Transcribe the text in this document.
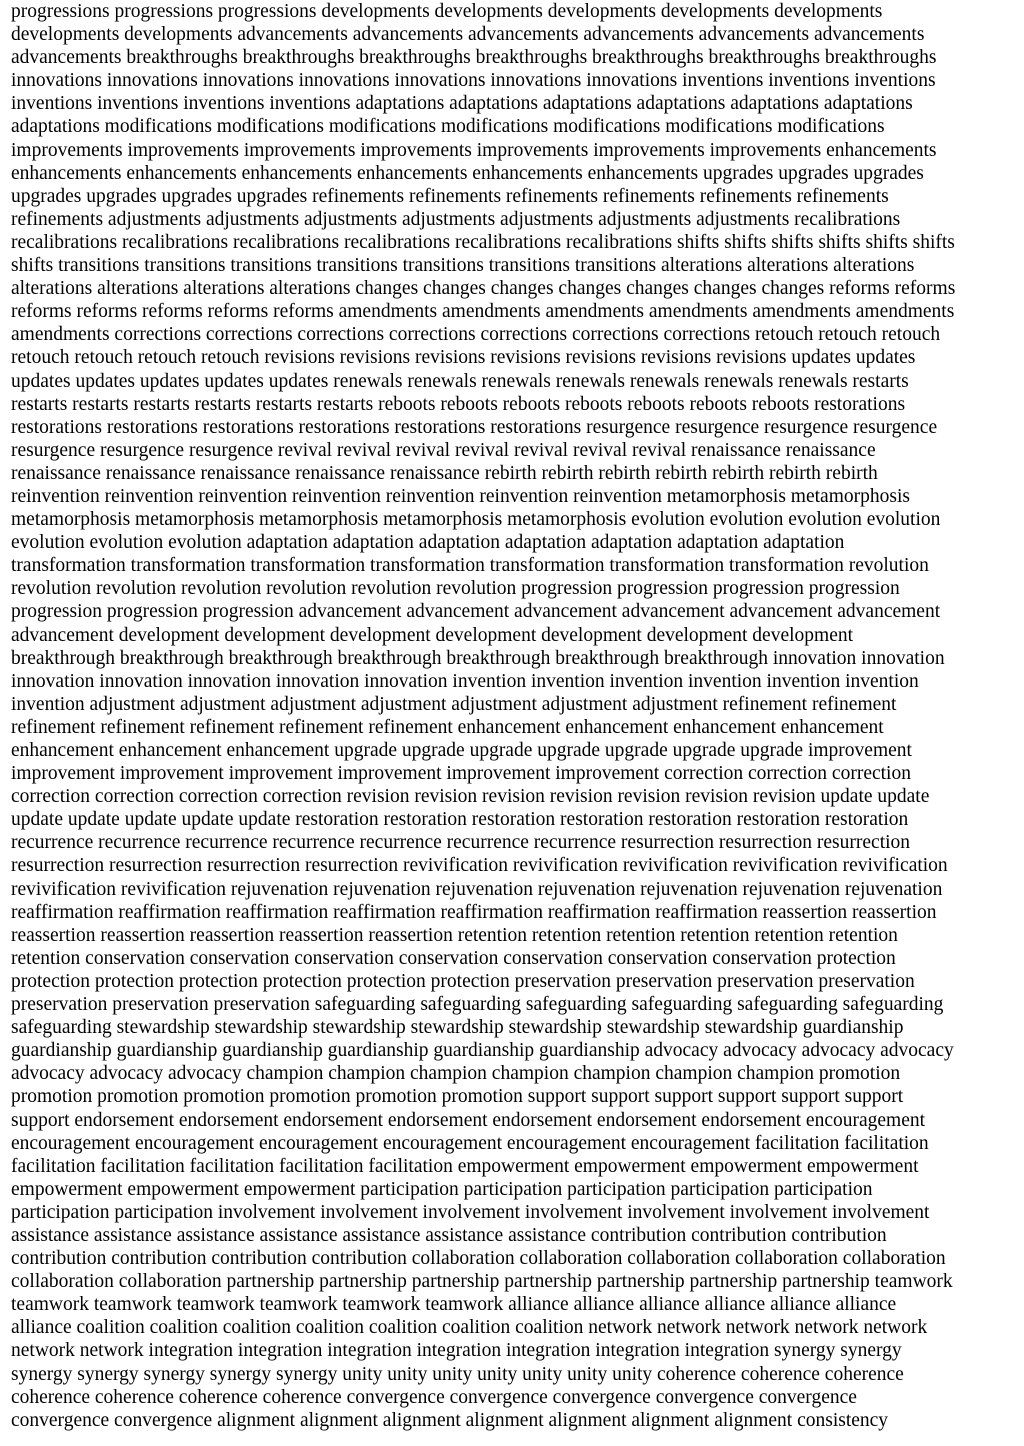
progressions progressions progressions developments developments developments developments developments
developments developments advancements advancements advancements advancements advancements advancements
advancements breakthroughs breakthroughs breakthroughs breakthroughs breakthroughs breakthroughs breakthroughs
innovations innovations innovations innovations innovations innovations innovations inventions inventions inventions
inventions inventions inventions inventions adaptations adaptations adaptations adaptations adaptations adaptations
adaptations modifications modifications modifications modifications modifications modifications modifications
improvements improvements improvements improvements improvements improvements improvements enhancements
enhancements enhancements enhancements enhancements enhancements enhancements upgrades upgrades upgrades
upgrades upgrades upgrades upgrades refinements refinements refinements refinements refinements refinements
refinements adjustments adjustments adjustments adjustments adjustments adjustments adjustments recalibrations
recalibrations recalibrations recalibrations recalibrations recalibrations recalibrations shifts shifts shifts shifts shifts shifts
shifts transitions transitions transitions transitions transitions transitions transitions alterations alterations alterations
alterations alterations alterations alterations changes changes changes changes changes changes changes reforms reforms
reforms reforms reforms reforms reforms amendments amendments amendments amendments amendments amendments
amendments corrections corrections corrections corrections corrections corrections corrections retouch retouch retouch
retouch retouch retouch retouch revisions revisions revisions revisions revisions revisions revisions updates updates
updates updates updates updates updates renewals renewals renewals renewals renewals renewals renewals restarts
restarts restarts restarts restarts restarts restarts reboots reboots reboots reboots reboots reboots reboots restorations
restorations restorations restorations restorations restorations restorations resurgence resurgence resurgence resurgence
resurgence resurgence resurgence revival revival revival revival revival revival revival renaissance renaissance
renaissance renaissance renaissance renaissance renaissance rebirth rebirth rebirth rebirth rebirth rebirth rebirth
reinvention reinvention reinvention reinvention reinvention reinvention reinvention metamorphosis metamorphosis
metamorphosis metamorphosis metamorphosis metamorphosis metamorphosis evolution evolution evolution evolution
evolution evolution evolution adaptation adaptation adaptation adaptation adaptation adaptation adaptation
transformation transformation transformation transformation transformation transformation transformation revolution
revolution revolution revolution revolution revolution revolution progression progression progression progression
progression progression progression advancement advancement advancement advancement advancement advancement
advancement development development development development development development development
breakthrough breakthrough breakthrough breakthrough breakthrough breakthrough breakthrough innovation innovation
innovation innovation innovation innovation innovation invention invention invention invention invention invention
invention adjustment adjustment adjustment adjustment adjustment adjustment adjustment refinement refinement
refinement refinement refinement refinement refinement enhancement enhancement enhancement enhancement
enhancement enhancement enhancement upgrade upgrade upgrade upgrade upgrade upgrade upgrade improvement
improvement improvement improvement improvement improvement improvement correction correction correction
correction correction correction correction revision revision revision revision revision revision revision update update
update update update update update restoration restoration restoration restoration restoration restoration restoration
recurrence recurrence recurrence recurrence recurrence recurrence recurrence resurrection resurrection resurrection
resurrection resurrection resurrection resurrection revivification revivification revivification revivification revivification
revivification revivification rejuvenation rejuvenation rejuvenation rejuvenation rejuvenation rejuvenation rejuvenation
reaffirmation reaffirmation reaffirmation reaffirmation reaffirmation reaffirmation reaffirmation reassertion reassertion
reassertion reassertion reassertion reassertion reassertion retention retention retention retention retention retention
retention conservation conservation conservation conservation conservation conservation conservation protection
protection protection protection protection protection protection preservation preservation preservation preservation
preservation preservation preservation safeguarding safeguarding safeguarding safeguarding safeguarding safeguarding
safeguarding stewardship stewardship stewardship stewardship stewardship stewardship stewardship guardianship
guardianship guardianship guardianship guardianship guardianship guardianship advocacy advocacy advocacy advocacy
advocacy advocacy advocacy champion champion champion champion champion champion champion promotion
promotion promotion promotion promotion promotion promotion support support support support support support
support endorsement endorsement endorsement endorsement endorsement endorsement endorsement encouragement
encouragement encouragement encouragement encouragement encouragement encouragement facilitation facilitation
facilitation facilitation facilitation facilitation facilitation empowerment empowerment empowerment empowerment
empowerment empowerment empowerment participation participation participation participation participation
participation participation involvement involvement involvement involvement involvement involvement involvement
assistance assistance assistance assistance assistance assistance assistance contribution contribution contribution
contribution contribution contribution contribution collaboration collaboration collaboration collaboration collaboration
collaboration collaboration partnership partnership partnership partnership partnership partnership partnership teamwork
teamwork teamwork teamwork teamwork teamwork teamwork alliance alliance alliance alliance alliance alliance
alliance coalition coalition coalition coalition coalition coalition coalition network network network network network
network network integration integration integration integration integration integration integration synergy synergy
synergy synergy synergy synergy synergy unity unity unity unity unity unity unity coherence coherence coherence
coherence coherence coherence coherence convergence convergence convergence convergence convergence
convergence convergence alignment alignment alignment alignment alignment alignment alignment consistency
